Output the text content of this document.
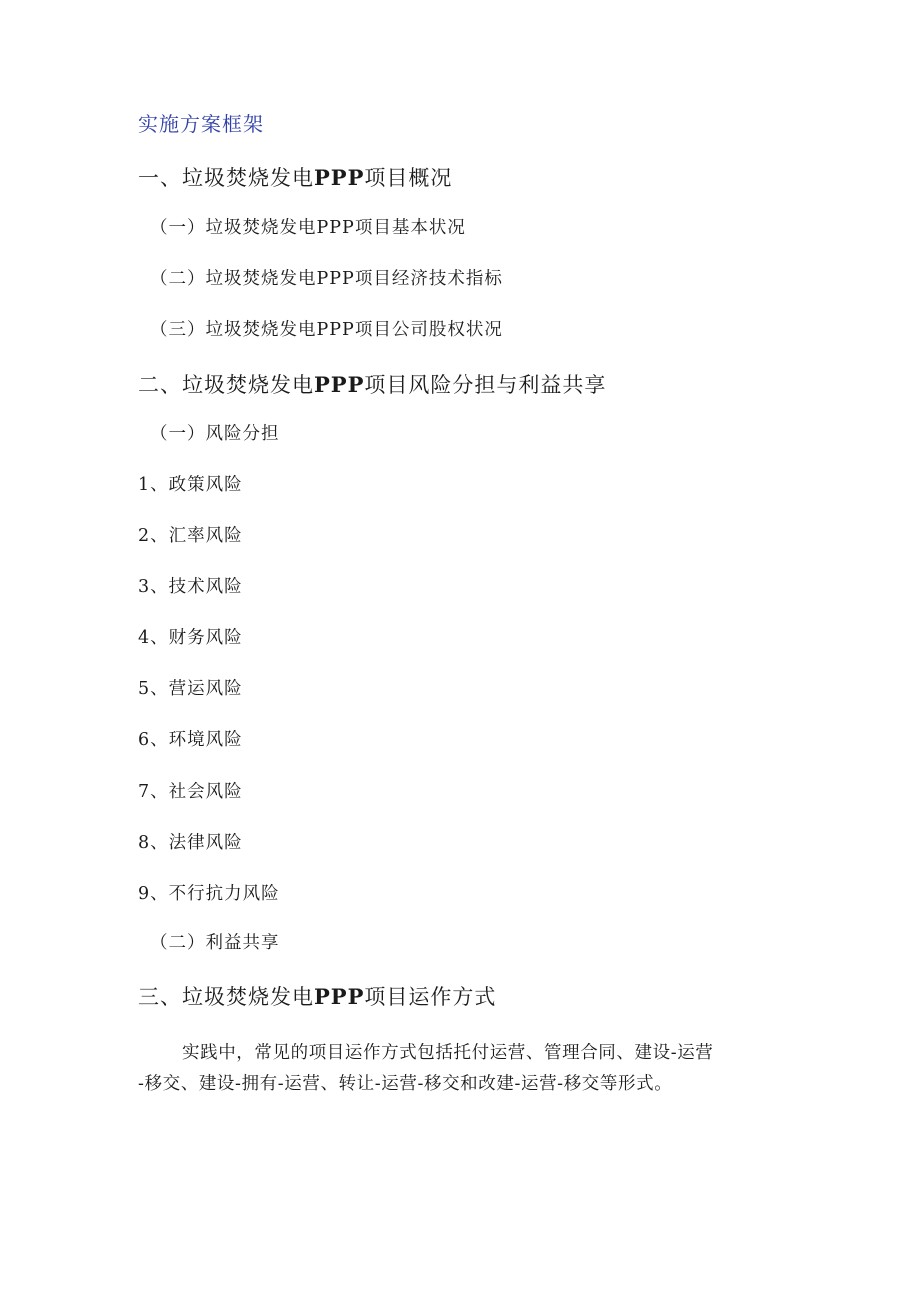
实施方案框架
一、垃圾焚烧发电PPP项目概况
（一）垃圾焚烧发电PPP项目基本状况
（二）垃圾焚烧发电PPP项目经济技术指标
（三）垃圾焚烧发电PPP项目公司股权状况
二、垃圾焚烧发电PPP项目风险分担与利益共享
（一）风险分担
1、政策风险
2、汇率风险
3、技术风险
4、财务风险
5、营运风险
6、环境风险
7、社会风险
8、法律风险
9、不行抗力风险
（二）利益共享
三、垃圾焚烧发电PPP项目运作方式
实践中，常见的项目运作方式包括托付运营、管理合同、建设-运营
-移交、建设-拥有-运营、转让-运营-移交和改建-运营-移交等形式。
